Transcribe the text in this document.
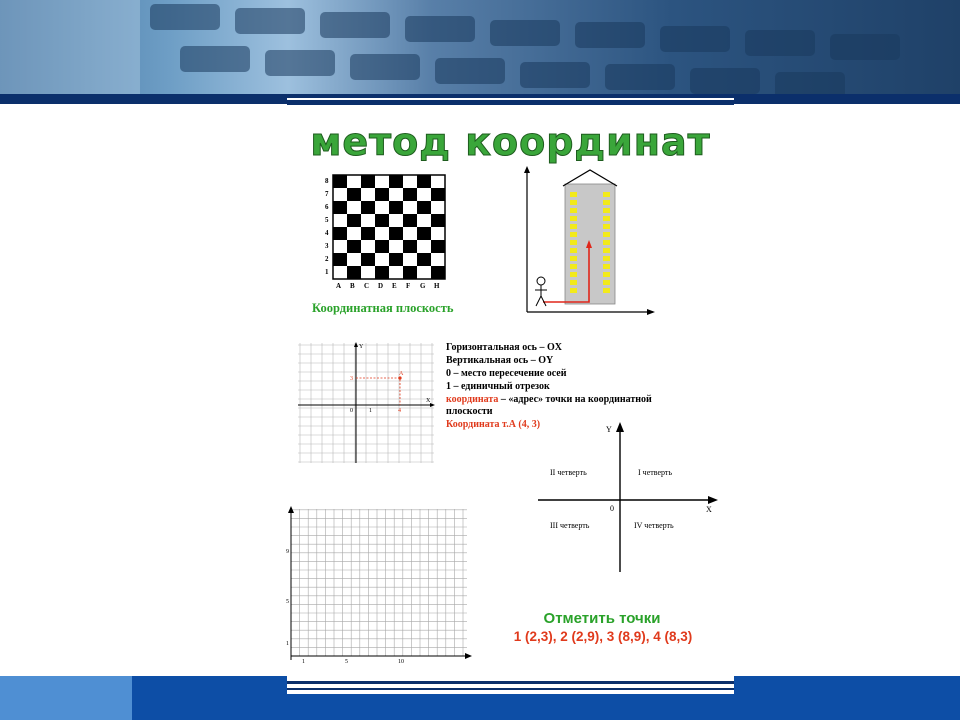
метод координат
8
7
6
5
4
3
2
1
A B C D E F G H
Координатная плоскость
X
Y
0	1	4
3
A
Горизонтальная ось – OX
Вертикальная ось – OY
0 – место пересечение осей
1 – единичный отрезок
координата – «адрес» точки на координатной
плоскости
Координата т.А (4, 3)
X
Y
0
I четверть
II четверть
III четверть	IV четверть
1	5	10
1
5
9
Отметить точки
1 (2,3), 2 (2,9), 3 (8,9), 4 (8,3)
